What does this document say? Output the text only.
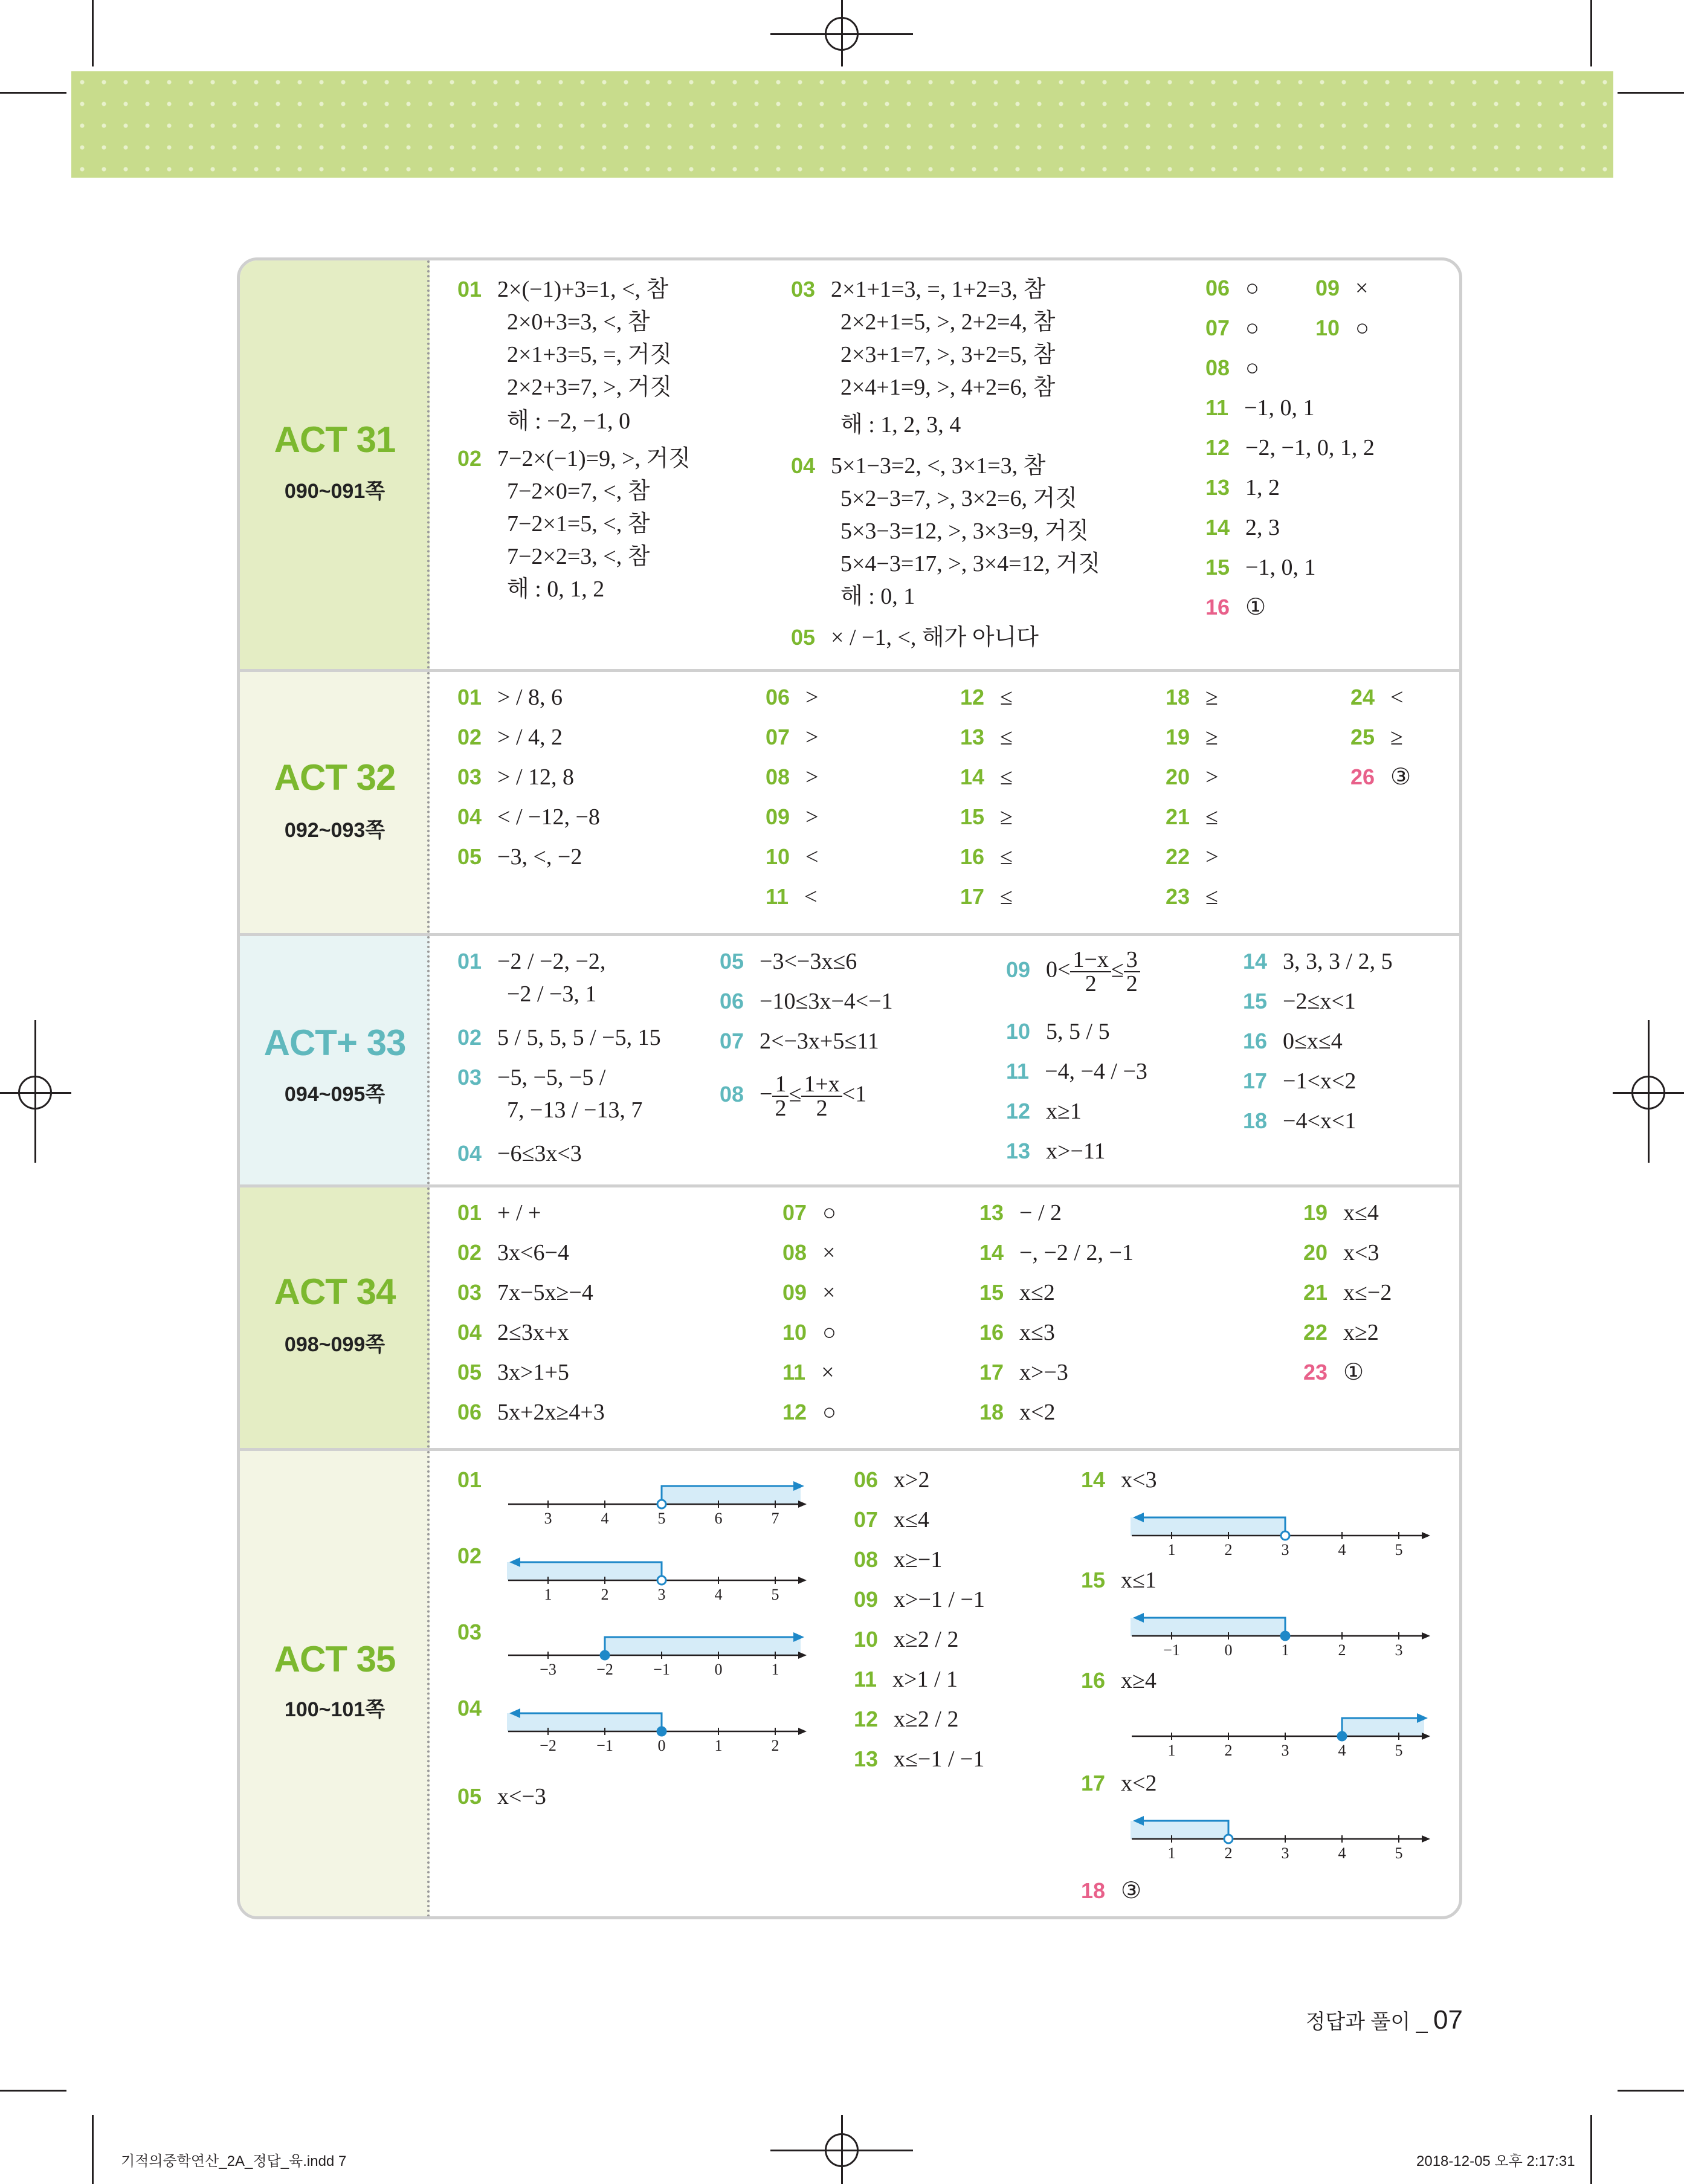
ACT 31
090~091쪽
01 2×(−1)+3=1, <, 참
2×0+3=3, <, 참
2×1+3=5, =, 거짓
2×2+3=7, >, 거짓
해 : −2, −1, 0
02 7−2×(−1)=9, >, 거짓
7−2×0=7, <, 참
7−2×1=5, <, 참
7−2×2=3, <, 참
해 : 0, 1, 2
03 2×1+1=3, =, 1+2=3, 참
2×2+1=5, >, 2+2=4, 참
2×3+1=7, >, 3+2=5, 참
2×4+1=9, >, 4+2=6, 참
해 : 1, 2, 3, 4
04 5×1−3=2, <, 3×1=3, 참
5×2−3=7, >, 3×2=6, 거짓
5×3−3=12, >, 3×3=9, 거짓
5×4−3=17, >, 3×4=12, 거짓
해 : 0, 1
05 × / −1, <, 해가 아니다
06 ○	09 ×
07 ○	10 ○
08 ○
11 −1, 0, 1
12 −2, −1, 0, 1, 2
13 1, 2
14 2, 3
15 −1, 0, 1
16 ①
ACT 32
092~093쪽
01 > / 8, 6
02 > / 4, 2
03 > / 12, 8
04 < / −12, −8
05 −3, <, −2
06 >
07 >
08 >
09 >
10 <
11 <
12 ≤
13 ≤
14 ≤
15 ≥
16 ≤
17 ≤
18 ≥
19 ≥
20 >
21 ≤
22 >
23 ≤
24 <
25 ≥
26 ③
ACT+ 33
094~095쪽
01 −2 / −2, −2,
−2 / −3, 1
02 5 / 5, 5, 5 / −5, 15
03 −5, −5, −5 /
7, −13 / −13, 7
04 −6≤3x<3
05 −3<−3x≤6
06 −10≤3x−4<−1
07 2<−3x+5≤11
$08 - \frac{1}{2} \le \frac{1+x}{2} <1$
09 $0< \frac{1-x}{2} \le \frac{3}{2}$
10 5, 5 / 5
11 −4, −4 / −3
12 x≥1
13 x>−11
14 3, 3, 3 / 2, 5
15 −2≤x<1
16 0≤x≤4
17 −1<x<2
18 −4<x<1
ACT 34
098~099쪽
01 + / +
02 3x<6−4
03 7x−5x≥−4
04 2≤3x+x
05 3x>1+5
06 5x+2x≥4+3
07 ○
08 ×
09 ×
10 ○
11 ×
12 ○
13 − / 2
14 −, −2 / 2, −1
15 x≤2
16 x≤3
17 x>−3
18 x<2
19 x≤4
20 x<3
21 x≤−2
22 x≥2
23 ①
ACT 35
100~101쪽
01
3	4	5	6	7
02
1	2	3	4	5
03
−3	−2	−1	0	1
04
−2	−1	0	1	2
14 x<3
1	2	3	4	5
15 x≤1
−1	0	1	2	3
16 x≥4
1	2	3	4	5
17 x<2
1	2	3	4	5
05 x<−3
06 x>2
07 x≤4
08 x≥−1
09 x>−1 / −1
10 x≥2 / 2
11 x>1 / 1
12 x≥2 / 2
13 x≤−1 / −1
18 ③
정답과 풀이 _ 07
기적의중학연산_2A_정답_육.indd 7	2018-12-05 오후 2:17:31
